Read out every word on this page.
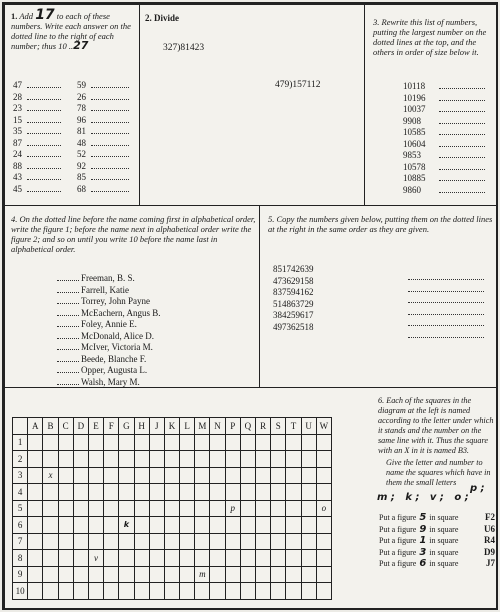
1. Add 17 to each of these numbers. Write each answer on the dotted line to the right of each number; thus 10 ..27
47
28
23
15
35
87
24
88
43
45
59
26
78
96
81
48
52
92
85
68
2. Divide
327)81423
479)157112
3. Rewrite this list of numbers, putting the largest number on the dotted lines at the top, and the others in order of size below it.
10118
10196
10037
9908
10585
10604
9853
10578
10885
9860
4. On the dotted line before the name coming first in alphabetical order, write the figure 1; before the name next in alphabetical order write the figure 2; and so on until you write 10 before the name last in alphabetical order.
Freeman, B. S.
Farrell, Katie
Torrey, John Payne
McEachern, Angus B.
Foley, Annie E.
McDonald, Alice D.
McIver, Victoria M.
Beede, Blanche F.
Opper, Augusta L.
Walsh, Mary M.
5. Copy the numbers given below, putting them on the dotted lines at the right in the same order as they are given.
851742639
473629158
837594162
514863729
384259617
497362518
	A	B	C	D	E	F	G	H	J	K	L	M	N	P	Q	R	S	T	U	W
1																				
2																				
3		x																		
4																				
5														p						o
6							k													
7																				
8					v															
9												m								
10																				
6. Each of the squares in the diagram at the left is named according to the letter under which it stands and the number on the same line with it. Thus the square with an X in it is named B3.
Give the letter and number to name the squares which have in them the small letters
p ;
m ;   k ;   v ;   o ;
Put a figure 5 in square	F2
Put a figure 9 in square	U6
Put a figure 1 in square	R4
Put a figure 3 in square	D9
Put a figure 6 in square	J7
